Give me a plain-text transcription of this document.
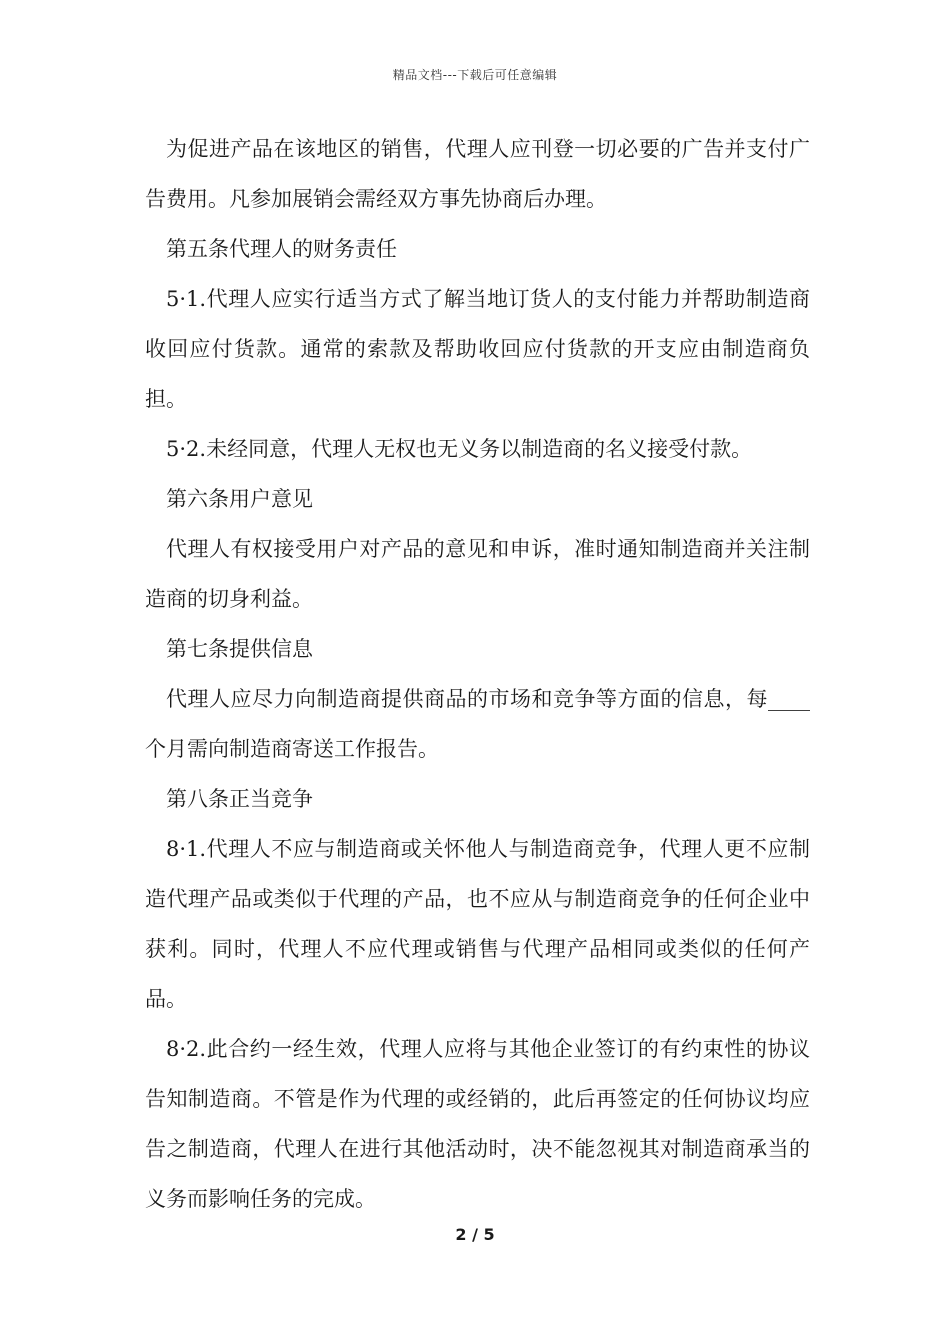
精品文档---下载后可任意编辑

为促进产品在该地区的销售，代理人应刊登一切必要的广告并支付广告费用。凡参加展销会需经双方事先协商后办理。

第五条代理人的财务责任

5·1.代理人应实行适当方式了解当地订货人的支付能力并帮助制造商收回应付货款。通常的索款及帮助收回应付货款的开支应由制造商负担。

5·2.未经同意，代理人无权也无义务以制造商的名义接受付款。

第六条用户意见

代理人有权接受用户对产品的意见和申诉，准时通知制造商并关注制造商的切身利益。

第七条提供信息

代理人应尽力向制造商提供商品的市场和竞争等方面的信息，每____个月需向制造商寄送工作报告。

第八条正当竞争

8·1.代理人不应与制造商或关怀他人与制造商竞争，代理人更不应制造代理产品或类似于代理的产品，也不应从与制造商竞争的任何企业中获利。同时，代理人不应代理或销售与代理产品相同或类似的任何产品。

8·2.此合约一经生效，代理人应将与其他企业签订的有约束性的协议告知制造商。不管是作为代理的或经销的，此后再签定的任何协议均应告之制造商，代理人在进行其他活动时，决不能忽视其对制造商承当的义务而影响任务的完成。

2 / 5
